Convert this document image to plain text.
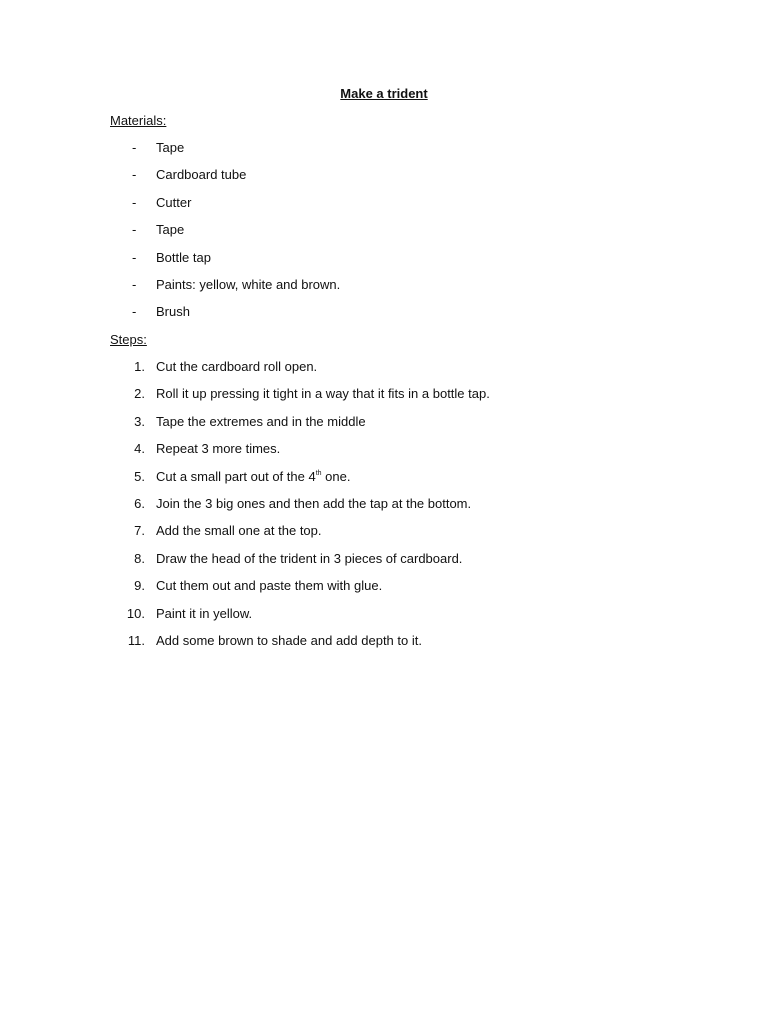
Make a trident
Materials:
- Tape
- Cardboard tube
- Cutter
- Tape
- Bottle tap
- Paints: yellow, white and brown.
- Brush
Steps:
1. Cut the cardboard roll open.
2. Roll it up pressing it tight in a way that it fits in a bottle tap.
3. Tape the extremes and in the middle
4. Repeat 3 more times.
5. Cut a small part out of the 4th one.
6. Join the 3 big ones and then add the tap at the bottom.
7. Add the small one at the top.
8. Draw the head of the trident in 3 pieces of cardboard.
9. Cut them out and paste them with glue.
10. Paint it in yellow.
11. Add some brown to shade and add depth to it.
